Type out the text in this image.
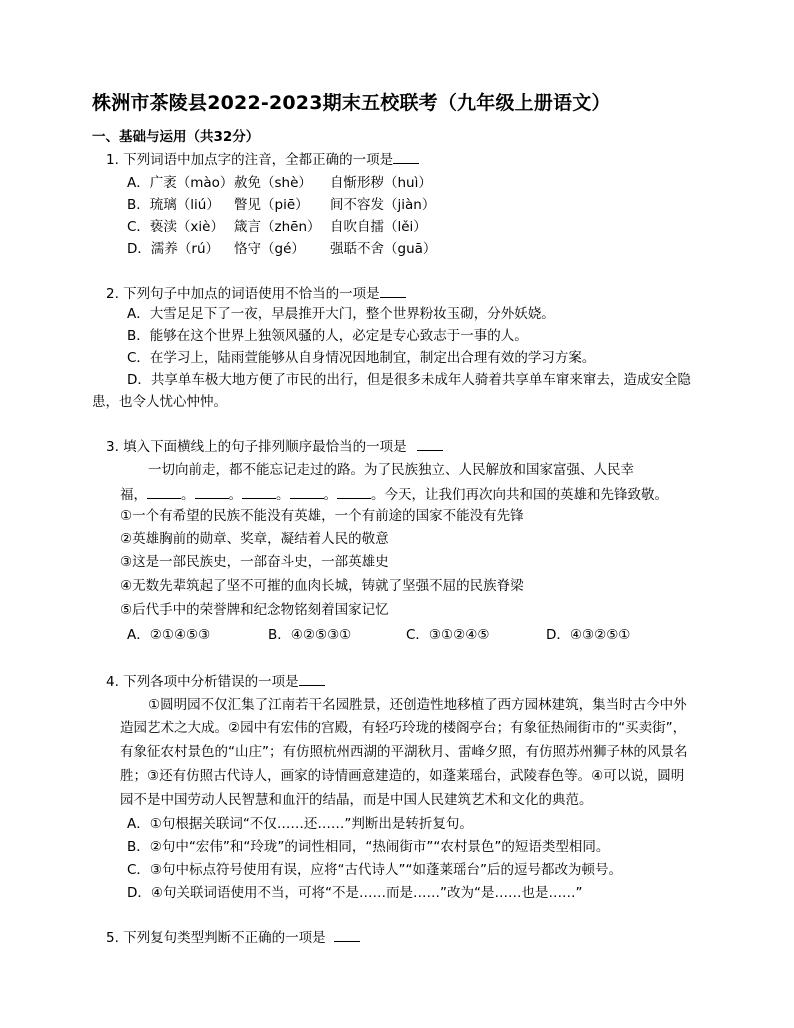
株洲市茶陵县2022-2023期末五校联考（九年级上册语文）
一、基础与运用（共32分）
1. 下列词语中加点字的注音，全都正确的一项是
A．广袤（mào）赦免（shè） 自惭形秽（huì）
B．琉璃（liú） 瞥见（piē） 间不容发（jiàn）
C．亵渎（xiè） 箴言（zhēn） 自吹自擂（lěi）
D．濡养（rú） 恪守（gé） 强聒不舍（guā）
2. 下列句子中加点的词语使用不恰当的一项是
A．大雪足足下了一夜，早晨推开大门，整个世界粉妆玉砌，分外妖娆。
B．能够在这个世界上独领风骚的人，必定是专心致志于一事的人。
C．在学习上，陆雨萱能够从自身情况因地制宜，制定出合理有效的学习方案。
D．共享单车极大地方便了市民的出行，但是很多未成年人骑着共享单车窜来窜去，造成安全隐
患，也令人忧心忡忡。
3. 填入下面横线上的句子排列顺序最恰当的一项是
一切向前走，都不能忘记走过的路。为了民族独立、人民解放和国家富强、人民幸
福，	。	。	。	。	。今天，让我们再次向共和国的英雄和先锋致敬。
①一个有希望的民族不能没有英雄，一个有前途的国家不能没有先锋
②英雄胸前的勋章、奖章，凝结着人民的敬意
③这是一部民族史，一部奋斗史，一部英雄史
④无数先辈筑起了坚不可摧的血肉长城，铸就了坚强不屈的民族脊梁
⑤后代手中的荣誉牌和纪念物铭刻着国家记忆
A．②①④⑤③	B．④②⑤③①	C．③①②④⑤	D．④③②⑤①
4. 下列各项中分析错误的一项是
①圆明园不仅汇集了江南若干名园胜景，还创造性地移植了西方园林建筑，集当时古今中外
造园艺术之大成。②园中有宏伟的宫殿，有轻巧玲珑的楼阁亭台；有象征热闹街市的“买卖街”，
有象征农村景色的“山庄”；有仿照杭州西湖的平湖秋月、雷峰夕照，有仿照苏州狮子林的风景名
胜；③还有仿照古代诗人，画家的诗情画意建造的，如蓬莱瑶台，武陵春色等。④可以说，圆明
园不是中国劳动人民智慧和血汗的结晶，而是中国人民建筑艺术和文化的典范。
A．①句根据关联词“不仅……还……”判断出是转折复句。
B．②句中“宏伟”和“玲珑”的词性相同，“热闹街市”“农村景色”的短语类型相同。
C．③句中标点符号使用有误，应将“古代诗人”“如蓬莱瑶台”后的逗号都改为顿号。
D．④句关联词语使用不当，可将“不是……而是……”改为“是……也是……”
5. 下列复句类型判断不正确的一项是
